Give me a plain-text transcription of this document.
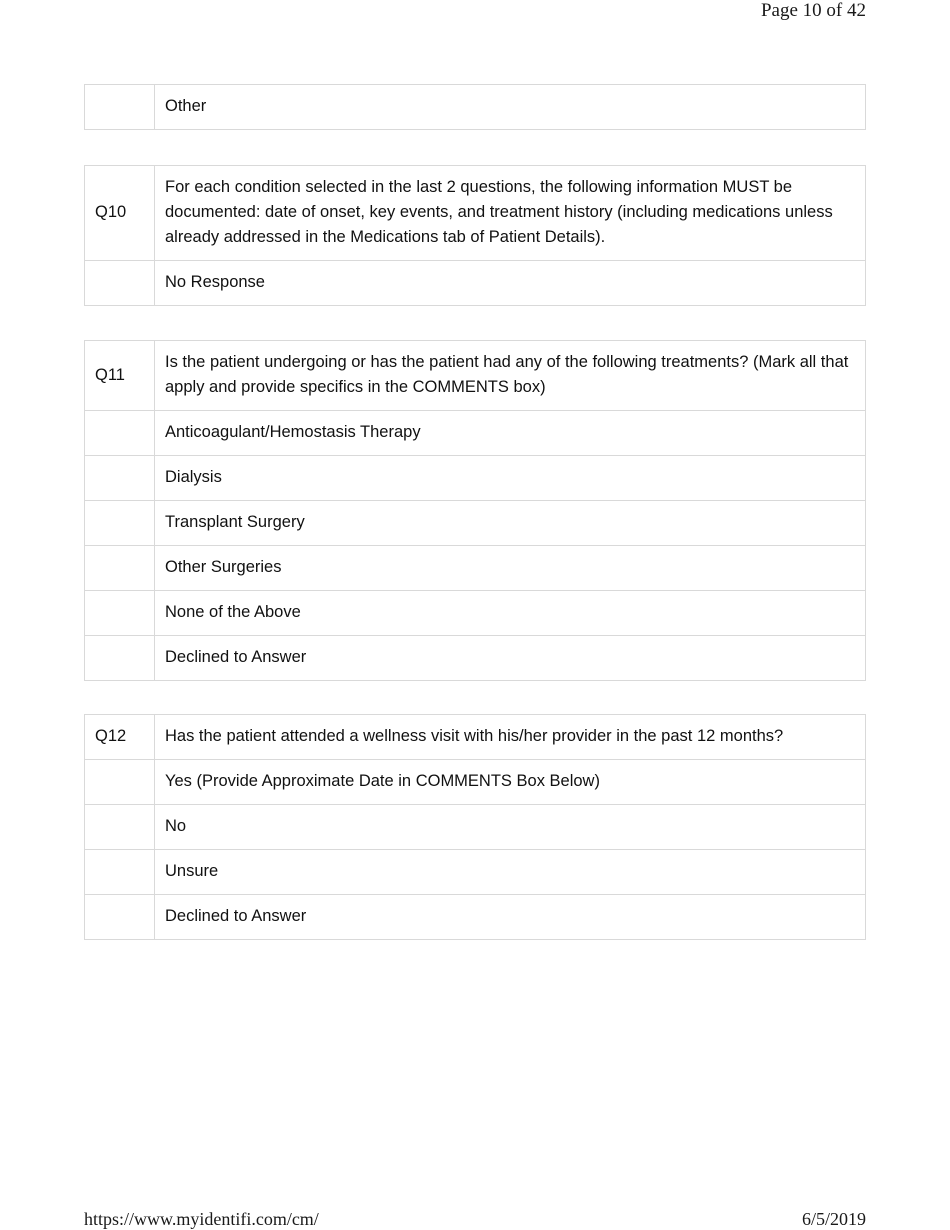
Page 10 of 42
	Other
Q10	For each condition selected in the last 2 questions, the following information MUST be documented: date of onset, key events, and treatment history (including medications unless already addressed in the Medications tab of Patient Details).
	No Response
Q11	Is the patient undergoing or has the patient had any of the following treatments? (Mark all that apply and provide specifics in the COMMENTS box)
	Anticoagulant/Hemostasis Therapy
	Dialysis
	Transplant Surgery
	Other Surgeries
	None of the Above
	Declined to Answer
Q12	Has the patient attended a wellness visit with his/her provider in the past 12 months?
	Yes (Provide Approximate Date in COMMENTS Box Below)
	No
	Unsure
	Declined to Answer
https://www.myidentifi.com/cm/	6/5/2019
